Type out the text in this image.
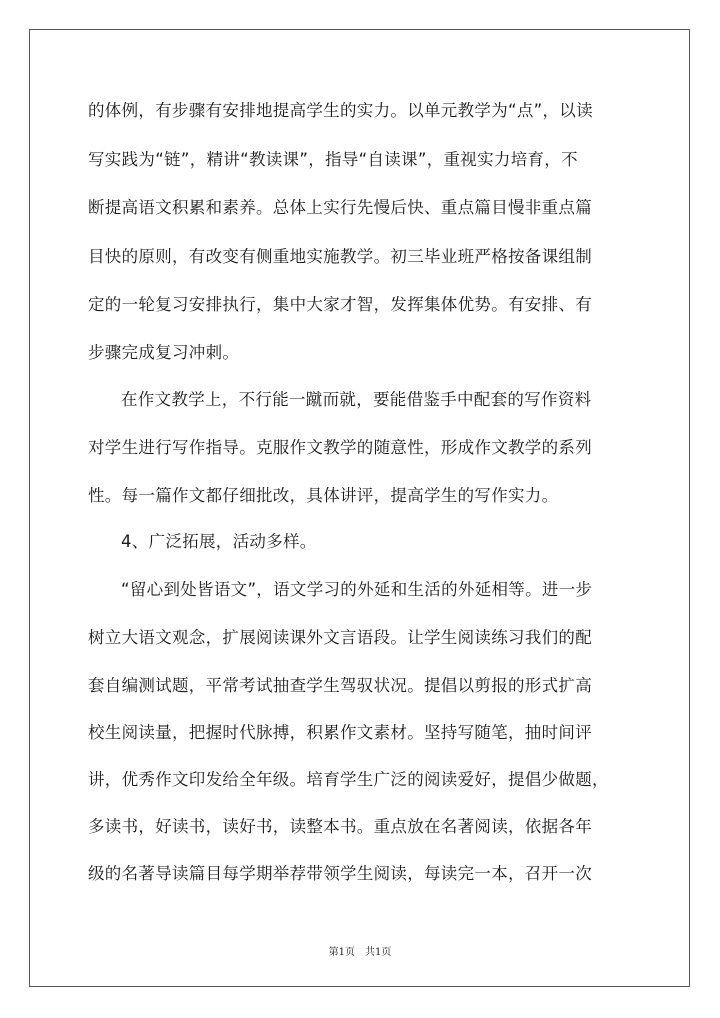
的体例，有步骤有安排地提高学生的实力。以单元教学为“点”，以读
写实践为“链”，精讲“教读课”，指导“自读课”，重视实力培育，不
断提高语文积累和素养。总体上实行先慢后快、重点篇目慢非重点篇
目快的原则，有改变有侧重地实施教学。初三毕业班严格按备课组制
定的一轮复习安排执行，集中大家才智，发挥集体优势。有安排、有
步骤完成复习冲刺。
在作文教学上，不行能一蹴而就，要能借鉴手中配套的写作资料
对学生进行写作指导。克服作文教学的随意性，形成作文教学的系列
性。每一篇作文都仔细批改，具体讲评，提高学生的写作实力。
4、广泛拓展，活动多样。
“留心到处皆语文”，语文学习的外延和生活的外延相等。进一步
树立大语文观念，扩展阅读课外文言语段。让学生阅读练习我们的配
套自编测试题，平常考试抽查学生驾驭状况。提倡以剪报的形式扩高
校生阅读量，把握时代脉搏，积累作文素材。坚持写随笔，抽时间评
讲，优秀作文印发给全年级。培育学生广泛的阅读爱好，提倡少做题，
多读书，好读书，读好书，读整本书。重点放在名著阅读，依据各年
级的名著导读篇目每学期举荐带领学生阅读，每读完一本，召开一次
第1页　共1页
